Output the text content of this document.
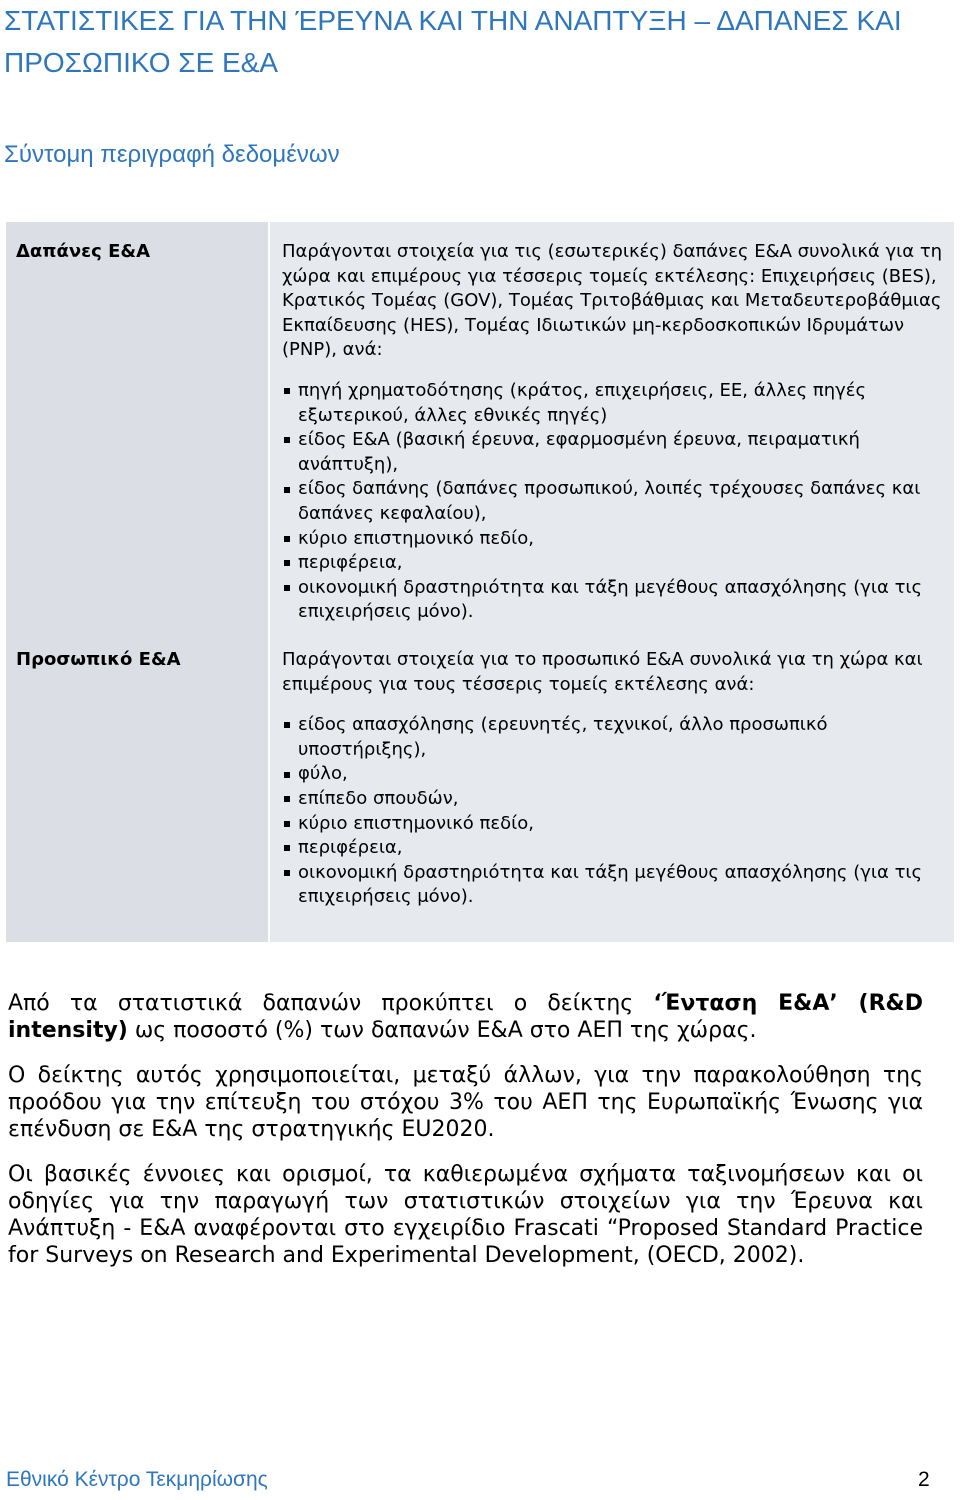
ΣΤΑΤΙΣΤΙΚΕΣ ΓΙΑ ΤΗΝ ΈΡΕΥΝΑ ΚΑΙ ΤΗΝ ΑΝΑΠΤΥΞΗ – ΔΑΠΑΝΕΣ ΚΑΙ ΠΡΟΣΩΠΙΚΟ ΣΕ Ε&Α
Σύντομη περιγραφή δεδομένων
Δαπάνες Ε&Α	Παράγονται στοιχεία για τις (εσωτερικές) δαπάνες Ε&Α συνολικά για τη χώρα και επιμέρους για τέσσερις τομείς εκτέλεσης: Επιχειρήσεις (BES), Κρατικός Τομέας (GOV), Τομέας Τριτοβάθμιας και Μεταδευτεροβάθμιας Εκπαίδευσης (HES), Τομέας Ιδιωτικών μη-κερδοσκοπικών Ιδρυμάτων (PNP), ανά:

πηγή χρηματοδότησης (κράτος, επιχειρήσεις, ΕΕ, άλλες πηγές εξωτερικού, άλλες εθνικές πηγές)
είδος Ε&Α (βασική έρευνα, εφαρμοσμένη έρευνα, πειραματική ανάπτυξη),
είδος δαπάνης (δαπάνες προσωπικού, λοιπές τρέχουσες δαπάνες και δαπάνες κεφαλαίου),
κύριο επιστημονικό πεδίο,
περιφέρεια,
οικονομική δραστηριότητα και τάξη μεγέθους απασχόλησης (για τις επιχειρήσεις μόνο).
Προσωπικό Ε&Α	Παράγονται στοιχεία για το προσωπικό Ε&Α συνολικά για τη χώρα και επιμέρους για τους τέσσερις τομείς εκτέλεσης ανά:

είδος απασχόλησης (ερευνητές, τεχνικοί, άλλο προσωπικό υποστήριξης),
φύλο,
επίπεδο σπουδών,
κύριο επιστημονικό πεδίο,
περιφέρεια,
οικονομική δραστηριότητα και τάξη μεγέθους απασχόλησης (για τις επιχειρήσεις μόνο).

Από τα στατιστικά δαπανών προκύπτει ο δείκτης ‘Ένταση Ε&Α’ (R&D intensity) ως ποσοστό (%) των δαπανών Ε&Α στο ΑΕΠ της χώρας.

Ο δείκτης αυτός χρησιμοποιείται, μεταξύ άλλων, για την παρακολούθηση της προόδου για την επίτευξη του στόχου 3% του ΑΕΠ της Ευρωπαϊκής Ένωσης για επένδυση σε Ε&Α της στρατηγικής EU2020.

Οι βασικές έννοιες και ορισμοί, τα καθιερωμένα σχήματα ταξινομήσεων και οι οδηγίες για την παραγωγή των στατιστικών στοιχείων για την Έρευνα και Ανάπτυξη - Ε&Α αναφέρονται στο εγχειρίδιο Frascati “Proposed Standard Practice for Surveys on Research and Experimental Development, (OECD, 2002).

Εθνικό Κέντρο Τεκμηρίωσης	2
